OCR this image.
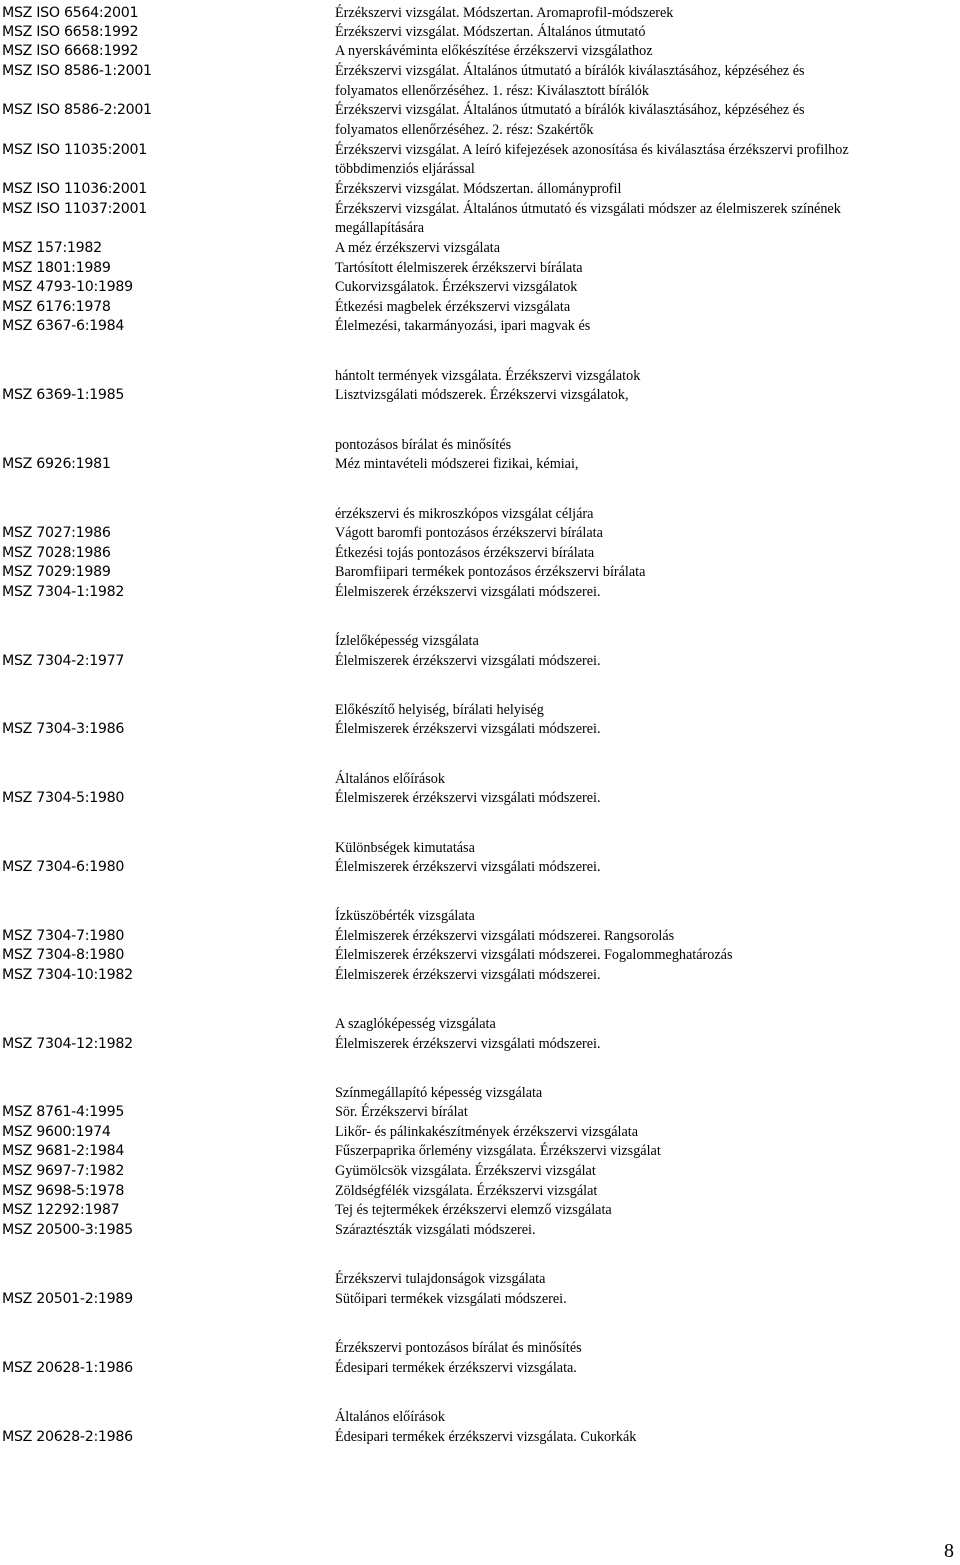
MSZ ISO 6564:2001
MSZ ISO 6658:1992
MSZ ISO 6668:1992
MSZ ISO 8586-1:2001
MSZ ISO 8586-2:2001
MSZ ISO 11035:2001
MSZ ISO 11036:2001
MSZ ISO 11037:2001
MSZ 157:1982
MSZ 1801:1989
MSZ 4793-10:1989
MSZ 6176:1978
MSZ 6367-6:1984
MSZ 6369-1:1985
MSZ 6926:1981
MSZ 7027:1986
MSZ 7028:1986
MSZ 7029:1989
MSZ 7304-1:1982
MSZ 7304-2:1977
MSZ 7304-3:1986
MSZ 7304-5:1980
MSZ 7304-6:1980
MSZ 7304-7:1980
MSZ 7304-8:1980
MSZ 7304-10:1982
MSZ 7304-12:1982
MSZ 8761-4:1995
MSZ 9600:1974
MSZ 9681-2:1984
MSZ 9697-7:1982
MSZ 9698-5:1978
MSZ 12292:1987
MSZ 20500-3:1985
MSZ 20501-2:1989
MSZ 20628-1:1986
MSZ 20628-2:1986
Érzékszervi vizsgálat. Módszertan. Aromaprofil-módszerek
Érzékszervi vizsgálat. Módszertan. Általános útmutató
A nyerskávéminta előkészítése érzékszervi vizsgálathoz
Érzékszervi vizsgálat. Általános útmutató a bírálók kiválasztásához, képzéséhez és
folyamatos ellenőrzéséhez. 1. rész: Kiválasztott bírálók
Érzékszervi vizsgálat. Általános útmutató a bírálók kiválasztásához, képzéséhez és
folyamatos ellenőrzéséhez. 2. rész: Szakértők
Érzékszervi vizsgálat. A leíró kifejezések azonosítása és kiválasztása érzékszervi profilhoz
többdimenziós eljárással
Érzékszervi vizsgálat. Módszertan. állományprofil
Érzékszervi vizsgálat. Általános útmutató és vizsgálati módszer az élelmiszerek színének
megállapítására
A méz érzékszervi vizsgálata
Tartósított élelmiszerek érzékszervi bírálata
Cukorvizsgálatok. Érzékszervi vizsgálatok
Étkezési magbelek érzékszervi vizsgálata
Élelmezési, takarmányozási, ipari magvak és
hántolt termények vizsgálata. Érzékszervi vizsgálatok
Lisztvizsgálati módszerek. Érzékszervi vizsgálatok,
pontozásos bírálat és minősítés
Méz mintavételi módszerei fizikai, kémiai,
érzékszervi és mikroszkópos vizsgálat céljára
Vágott baromfi pontozásos érzékszervi bírálata
Étkezési tojás pontozásos érzékszervi bírálata
Baromfiipari termékek pontozásos érzékszervi bírálata
Élelmiszerek érzékszervi vizsgálati módszerei.
Ízlelőképesség vizsgálata
Élelmiszerek érzékszervi vizsgálati módszerei.
Előkészítő helyiség, bírálati helyiség
Élelmiszerek érzékszervi vizsgálati módszerei.
Általános előírások
Élelmiszerek érzékszervi vizsgálati módszerei.
Különbségek kimutatása
Élelmiszerek érzékszervi vizsgálati módszerei.
Ízküszöbérték vizsgálata
Élelmiszerek érzékszervi vizsgálati módszerei. Rangsorolás
Élelmiszerek érzékszervi vizsgálati módszerei. Fogalommeghatározás
Élelmiszerek érzékszervi vizsgálati módszerei.
A szaglóképesség vizsgálata
Élelmiszerek érzékszervi vizsgálati módszerei.
Színmegállapító képesség vizsgálata
Sör. Érzékszervi bírálat
Likőr- és pálinkakészítmények érzékszervi vizsgálata
Fűszerpaprika őrlemény vizsgálata. Érzékszervi vizsgálat
Gyümölcsök vizsgálata. Érzékszervi vizsgálat
Zöldségfélék vizsgálata. Érzékszervi vizsgálat
Tej és tejtermékek érzékszervi elemző vizsgálata
Száraztészták vizsgálati módszerei.
Érzékszervi tulajdonságok vizsgálata
Sütőipari termékek vizsgálati módszerei.
Érzékszervi pontozásos bírálat és minősítés
Édesipari termékek érzékszervi vizsgálata.
Általános előírások
Édesipari termékek érzékszervi vizsgálata. Cukorkák
8
